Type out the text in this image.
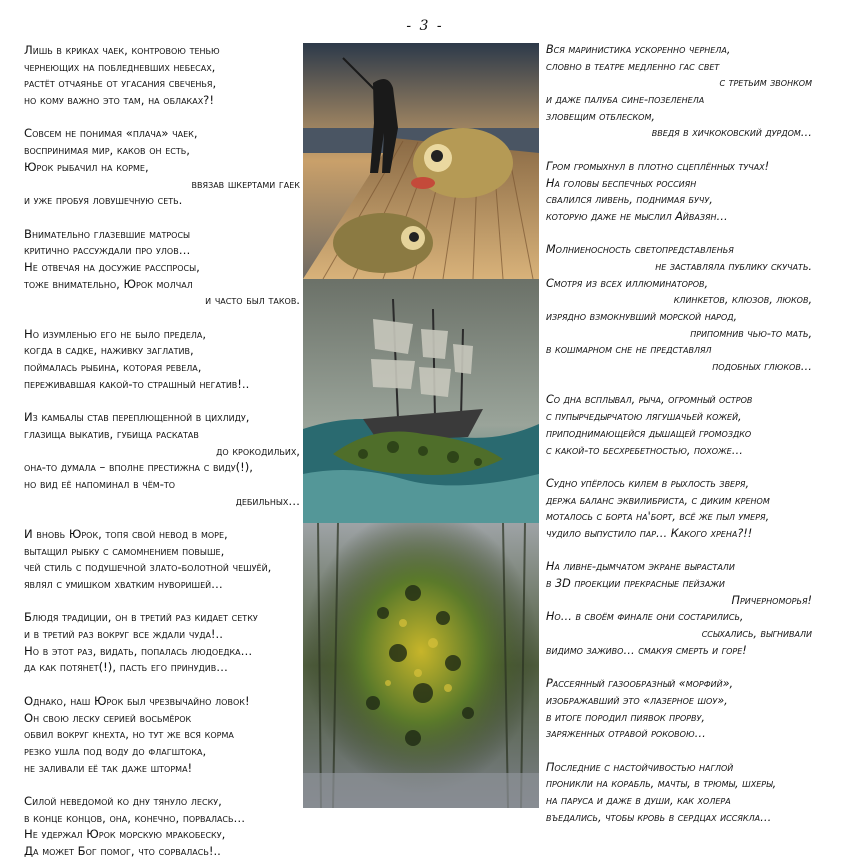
- 3 -
Лишь в криках чаек, контровою тенью
чернеющих на побледневших небесах,
растёт отчаянье от угасания свеченья,
но кому важно это там, на облаках?!
Совсем не понимая «плача» чаек,
воспринимая мир, каков он есть,
Юрок рыбачил на корме,
ввязав шкертами гаек
и уже пробуя ловушечную сеть.
Внимательно глазевшие матросы
критично рассуждали про улов…
Не отвечая на досужие расспросы,
тоже внимательно, Юрок молчал
и часто был таков.
Но изумленью его не было предела,
когда в садке, наживку заглатив,
поймалась рыбина, которая ревела,
переживавшая какой-то страшный негатив!..
Из камбалы став переплющенной в цихлиду,
глазища выкатив, губища раскатав
до крокодильих,
она-то думала – вполне престижна с виду(!),
но вид её напоминал в чём-то
дебильных…
И вновь Юрок, топя свой невод в море,
вытащил рыбку с самомнением повыше,
чей стиль с подушечной злато-болотной чешуёй,
являл с умишком хватким нуворишей…
Блюдя традиции, он в третий раз кидает сетку
и в третий раз вокруг все ждали чуда!..
Но в этот раз, видать, попалась людоедка…
да как потянет(!), пасть его принудив…
Однако, наш Юрок был чрезвычайно ловок!
Он свою леску серией восьмёрок
обвил вокруг кнехта, но тут же вся корма
резко ушла под воду до флагштока,
не заливали её так даже шторма!
Силой неведомой ко дну тянуло леску,
в конце концов, она, конечно, порвалась…
Не удержал Юрок морскую мракобеску,
Да может Бог помог, что сорвалась!..
Вся маринистика ускоренно чернела,
словно в театре медленно гас свет
с третьим звонком
и даже палуба сине-позеленела
зловещим отблеском,
введя в хичкоковский дурдом…
Гром громыхнул в плотно сцеплённых тучах!
На головы беспечных россиян
свалился ливень, поднимая бучу,
которую даже не мыслил Айвазян…
Молниеносность светопредставленья
не заставляла публику скучать.
Смотря из всех иллюминаторов,
клинкетов, клюзов, люков,
изрядно взмокнувший морской народ,
припомнив чью-то мать,
в кошмарном сне не представлял
подобных глюков…
Со дна всплывал, рыча, огромный остров
с пупырчедырчатою лягушачьей кожей,
приподнимающейся дышащей громоздко
с какой-то бесхребетностью, похоже…
Судно упёрлось килем в рыхлость зверя,
держа баланс эквилибриста, с диким креном
моталось с борта на'борт, всё же пыл умеря,
чудило выпустило пар… Какого хрена?!!
На ливне-дымчатом экране вырастали
в 3D проекции прекрасные пейзажи
Причерноморья!
Но… в своём финале они состарились,
ссыхались, выгнивали
видимо заживо… смакуя смерть и горе!
Рассеянный газообразный «морфий»,
изображавший это «лазерное шоу»,
в итоге породил пиявок прорву,
заряженных отравой роковою…
Последние с настойчивостью наглой
проникли на корабль, мачты, в трюмы, шхеры,
на паруса и даже в души, как холера
въедались, чтобы кровь в сердцах иссякла…
